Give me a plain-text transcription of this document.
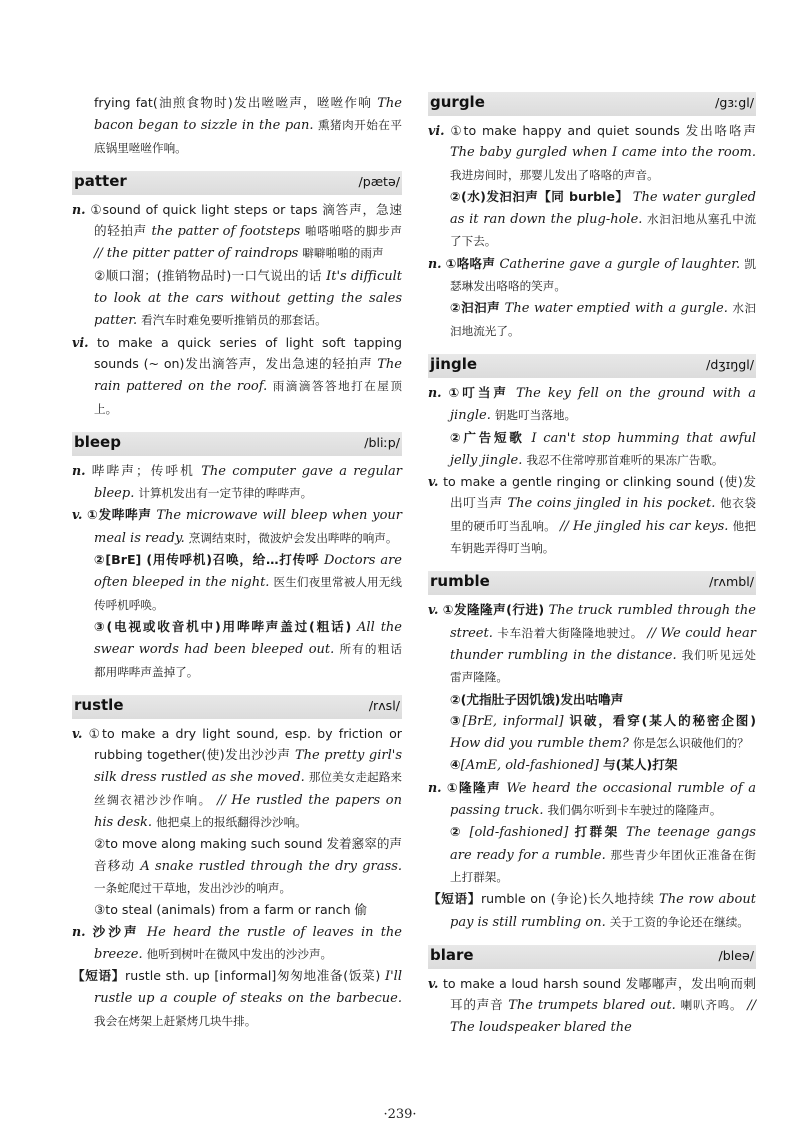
frying fat(油煎食物时)发出咝咝声，咝咝作响 The bacon began to sizzle in the pan. 熏猪肉开始在平底锅里咝咝作响。

patter	/pætə/

n. ①sound of quick light steps or taps 滴答声，急速的轻拍声 the patter of footsteps 啪嗒啪嗒的脚步声 // the pitter patter of raindrops 噼噼啪啪的雨声

②顺口溜；(推销物品时)一口气说出的话 It's difficult to look at the cars without getting the sales patter. 看汽车时难免要听推销员的那套话。

vi. to make a quick series of light soft tapping sounds (~ on)发出滴答声，发出急速的轻拍声 The rain pattered on the roof. 雨滴滴答答地打在屋顶上。

bleep	/bliːp/

n. 哔哔声；传呼机 The computer gave a regular bleep. 计算机发出有一定节律的哔哔声。

v. ①发哔哔声 The microwave will bleep when your meal is ready. 烹调结束时，微波炉会发出哔哔的响声。

②[BrE] (用传呼机)召唤，给…打传呼 Doctors are often bleeped in the night. 医生们夜里常被人用无线传呼机呼唤。

③(电视或收音机中)用哔哔声盖过(粗话) All the swear words had been bleeped out. 所有的粗话都用哔哔声盖掉了。

rustle	/rʌsl/

v. ①to make a dry light sound, esp. by friction or rubbing together(使)发出沙沙声 The pretty girl's silk dress rustled as she moved. 那位美女走起路来丝绸衣裙沙沙作响。 // He rustled the papers on his desk. 他把桌上的报纸翻得沙沙响。

②to move along making such sound 发着窸窣的声音移动 A snake rustled through the dry grass. 一条蛇爬过干草地，发出沙沙的响声。

③to steal (animals) from a farm or ranch 偷

n. 沙沙声 He heard the rustle of leaves in the breeze. 他听到树叶在微风中发出的沙沙声。

【短语】rustle sth. up [informal]匆匆地准备(饭菜) I'll rustle up a couple of steaks on the barbecue. 我会在烤架上赶紧烤几块牛排。

gurgle	/gɜːgl/

vi. ①to make happy and quiet sounds 发出咯咯声 The baby gurgled when I came into the room. 我进房间时，那婴儿发出了咯咯的声音。

②(水)发汩汩声【同 burble】 The water gurgled as it ran down the plug-hole. 水汩汩地从塞孔中流了下去。

n. ①咯咯声 Catherine gave a gurgle of laughter. 凯瑟琳发出咯咯的笑声。

②汩汩声 The water emptied with a gurgle. 水汩汩地流光了。

jingle	/dʒɪŋgl/

n. ①叮当声 The key fell on the ground with a jingle. 钥匙叮当落地。

②广告短歌 I can't stop humming that awful jelly jingle. 我忍不住常哼那首难听的果冻广告歌。

v. to make a gentle ringing or clinking sound (使)发出叮当声 The coins jingled in his pocket. 他衣袋里的硬币叮当乱响。 // He jingled his car keys. 他把车钥匙弄得叮当响。

rumble	/rʌmbl/

v. ①发隆隆声(行进) The truck rumbled through the street. 卡车沿着大街隆隆地驶过。 // We could hear thunder rumbling in the distance. 我们听见远处雷声隆隆。

②(尤指肚子因饥饿)发出咕噜声

③[BrE, informal] 识破，看穿(某人的秘密企图) How did you rumble them? 你是怎么识破他们的？

④[AmE, old-fashioned] 与(某人)打架

n. ①隆隆声 We heard the occasional rumble of a passing truck. 我们偶尔听到卡车驶过的隆隆声。

② [old-fashioned] 打群架 The teenage gangs are ready for a rumble. 那些青少年团伙正准备在街上打群架。

【短语】rumble on (争论)长久地持续 The row about pay is still rumbling on. 关于工资的争论还在继续。

blare	/bleə/

v. to make a loud harsh sound 发嘟嘟声，发出响而刺耳的声音 The trumpets blared out. 喇叭齐鸣。 // The loudspeaker blared the

·239·
